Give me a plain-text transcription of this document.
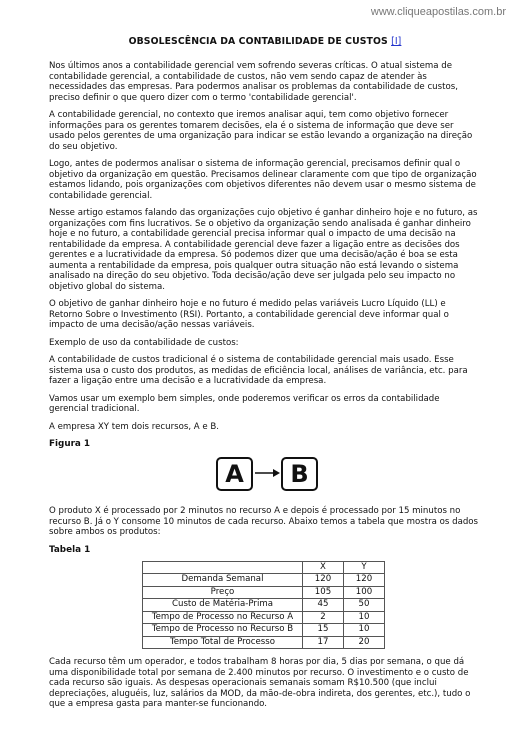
www.cliqueapostilas.com.br
OBSOLESCÊNCIA DA CONTABILIDADE DE CUSTOS [I]

Nos últimos anos a contabilidade gerencial vem sofrendo severas críticas. O atual sistema de contabilidade gerencial, a contabilidade de custos, não vem sendo capaz de atender às necessidades das empresas. Para podermos analisar os problemas da contabilidade de custos, preciso definir o que quero dizer com o termo 'contabilidade gerencial'.

A contabilidade gerencial, no contexto que iremos analisar aqui, tem como objetivo fornecer informações para os gerentes tomarem decisões, ela é o sistema de informação que deve ser usado pelos gerentes de uma organização para indicar se estão levando a organização na direção do seu objetivo.

Logo, antes de podermos analisar o sistema de informação gerencial, precisamos definir qual o objetivo da organização em questão. Precisamos delinear claramente com que tipo de organização estamos lidando, pois organizações com objetivos diferentes não devem usar o mesmo sistema de contabilidade gerencial.

Nesse artigo estamos falando das organizações cujo objetivo é ganhar dinheiro hoje e no futuro, as organizações com fins lucrativos. Se o objetivo da organização sendo analisada é ganhar dinheiro hoje e no futuro, a contabilidade gerencial precisa informar qual o impacto de uma decisão na rentabilidade da empresa. A contabilidade gerencial deve fazer a ligação entre as decisões dos gerentes e a lucratividade da empresa. Só podemos dizer que uma decisão/ação é boa se esta aumenta a rentabilidade da empresa, pois qualquer outra situação não está levando o sistema analisado na direção do seu objetivo. Toda decisão/ação deve ser julgada pelo seu impacto no objetivo global do sistema.

O objetivo de ganhar dinheiro hoje e no futuro é medido pelas variáveis Lucro Líquido (LL) e Retorno Sobre o Investimento (RSI). Portanto, a contabilidade gerencial deve informar qual o impacto de uma decisão/ação nessas variáveis.

Exemplo de uso da contabilidade de custos:

A contabilidade de custos tradicional é o sistema de contabilidade gerencial mais usado. Esse sistema usa o custo dos produtos, as medidas de eficiência local, análises de variância, etc. para fazer a ligação entre uma decisão e a lucratividade da empresa.

Vamos usar um exemplo bem simples, onde poderemos verificar os erros da contabilidade gerencial tradicional.

A empresa XY tem dois recursos, A e B.

Figura 1
A	B

O produto X é processado por 2 minutos no recurso A e depois é processado por 15 minutos no recurso B. Já o Y consome 10 minutos de cada recurso. Abaixo temos a tabela que mostra os dados sobre ambos os produtos:

Tabela 1
	X	Y
Demanda Semanal	120	120
Preço	105	100
Custo de Matéria-Prima	45	50
Tempo de Processo no Recurso A	2	10
Tempo de Processo no Recurso B	15	10
Tempo Total de Processo	17	20

Cada recurso têm um operador, e todos trabalham 8 horas por dia, 5 dias por semana, o que dá uma disponibilidade total por semana de 2.400 minutos por recurso. O investimento e o custo de cada recurso são iguais. As despesas operacionais semanais somam R$10.500 (que inclui depreciações, aluguéis, luz, salários da MOD, da mão-de-obra indireta, dos gerentes, etc.), tudo o que a empresa gasta para manter-se funcionando.
